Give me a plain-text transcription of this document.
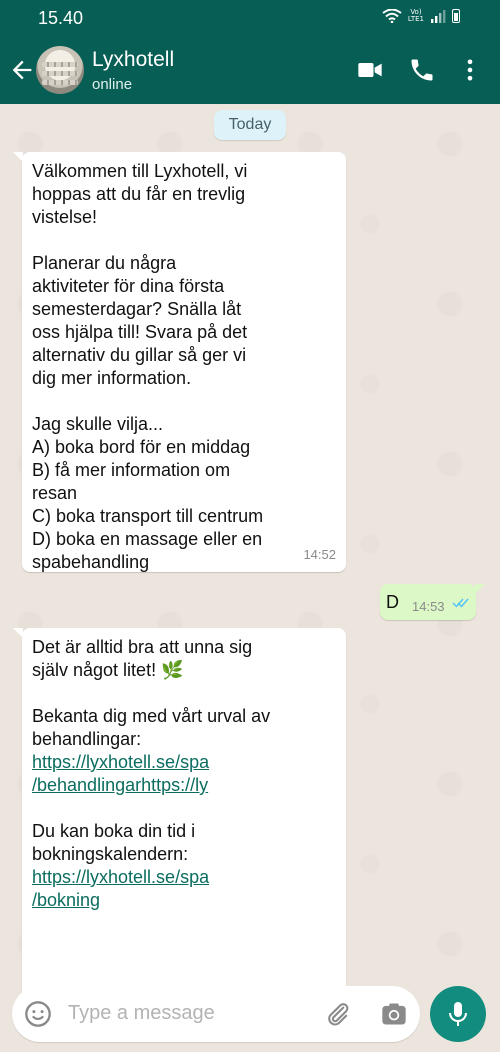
15.40	Vo)
LTE1
Lyxhotell
online
Today
Välkommen till Lyxhotell, vi
hoppas att du får en trevlig
vistelse!

Planerar du några
aktiviteter för dina första
semesterdagar? Snälla låt
oss hjälpa till! Svara på det
alternativ du gillar så ger vi
dig mer information.

Jag skulle vilja...
A) boka bord för en middag
B) få mer information om
resan
C) boka transport till centrum
D) boka en massage eller en
spabehandling	14:52
D 14:53
Det är alltid bra att unna sig
själv något litet! 🌿

Bekanta dig med vårt urval av
behandlingar:
https://lyxhotell.se/spa
/behandlingarhttps://ly
Du kan boka din tid i
bokningskalendern:
https://lyxhotell.se/spa
/bokning
Type a message
